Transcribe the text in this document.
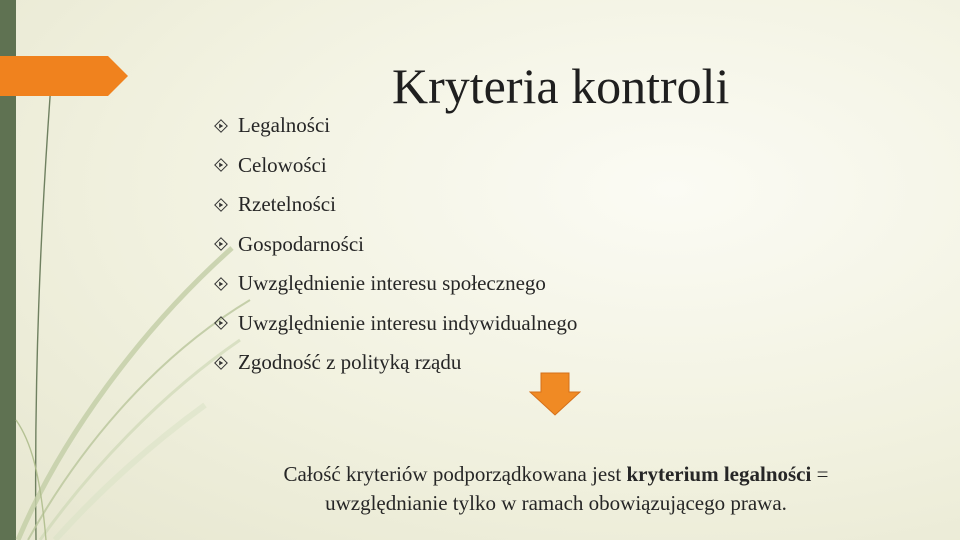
Kryteria kontroli
Legalności
Celowości
Rzetelności
Gospodarności
Uwzględnienie interesu społecznego
Uwzględnienie interesu indywidualnego
Zgodność z polityką rządu
Całość kryteriów podporządkowana jest kryterium legalności = uwzględnianie tylko w ramach obowiązującego prawa.
